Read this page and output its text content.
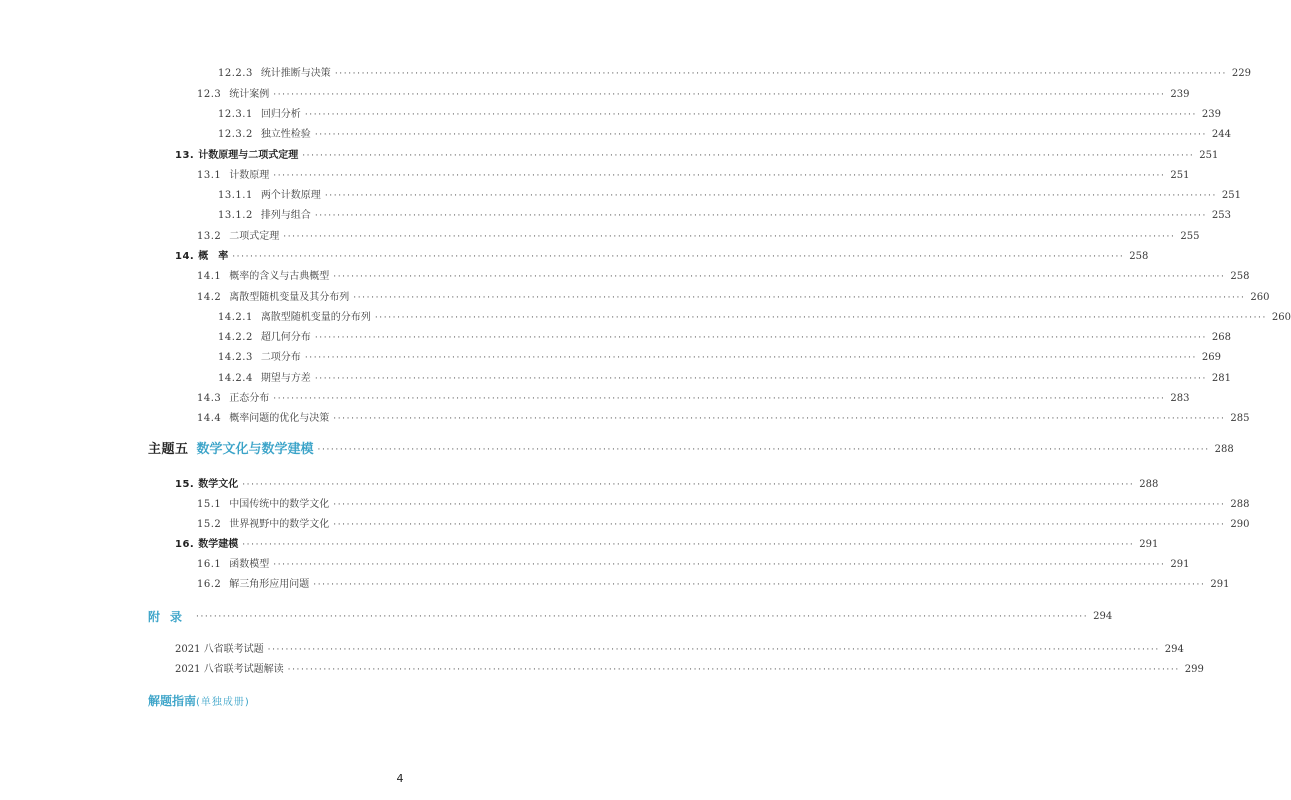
12.2.3 统计推断与决策 ········································································································································································································ 229
12.3 统计案例 ········································································································································································································ 239
12.3.1 回归分析 ········································································································································································································ 239
12.3.2 独立性检验 ········································································································································································································ 244
13. 计数原理与二项式定理 ········································································································································································································ 251
13.1 计数原理 ········································································································································································································ 251
13.1.1 两个计数原理 ········································································································································································································ 251
13.1.2 排列与组合 ········································································································································································································ 253
13.2 二项式定理 ········································································································································································································ 255
14. 概　率 ········································································································································································································ 258
14.1 概率的含义与古典概型 ········································································································································································································ 258
14.2 离散型随机变量及其分布列 ········································································································································································································ 260
14.2.1 离散型随机变量的分布列 ········································································································································································································ 260
14.2.2 超几何分布 ········································································································································································································ 268
14.2.3 二项分布 ········································································································································································································ 269
14.2.4 期望与方差 ········································································································································································································ 281
14.3 正态分布 ········································································································································································································ 283
14.4 概率问题的优化与决策 ········································································································································································································ 285
主题五 数学文化与数学建模 ········································································································································································································ 288
15. 数学文化 ········································································································································································································ 288
15.1 中国传统中的数学文化 ········································································································································································································ 288
15.2 世界视野中的数学文化 ········································································································································································································ 290
16. 数学建模 ········································································································································································································ 291
16.1 函数模型 ········································································································································································································ 291
16.2 解三角形应用问题 ········································································································································································································ 291
附录 ········································································································································································································ 294
2021 八省联考试题 ········································································································································································································ 294
2021 八省联考试题解读 ········································································································································································································ 299
解题指南(单独成册)
4
